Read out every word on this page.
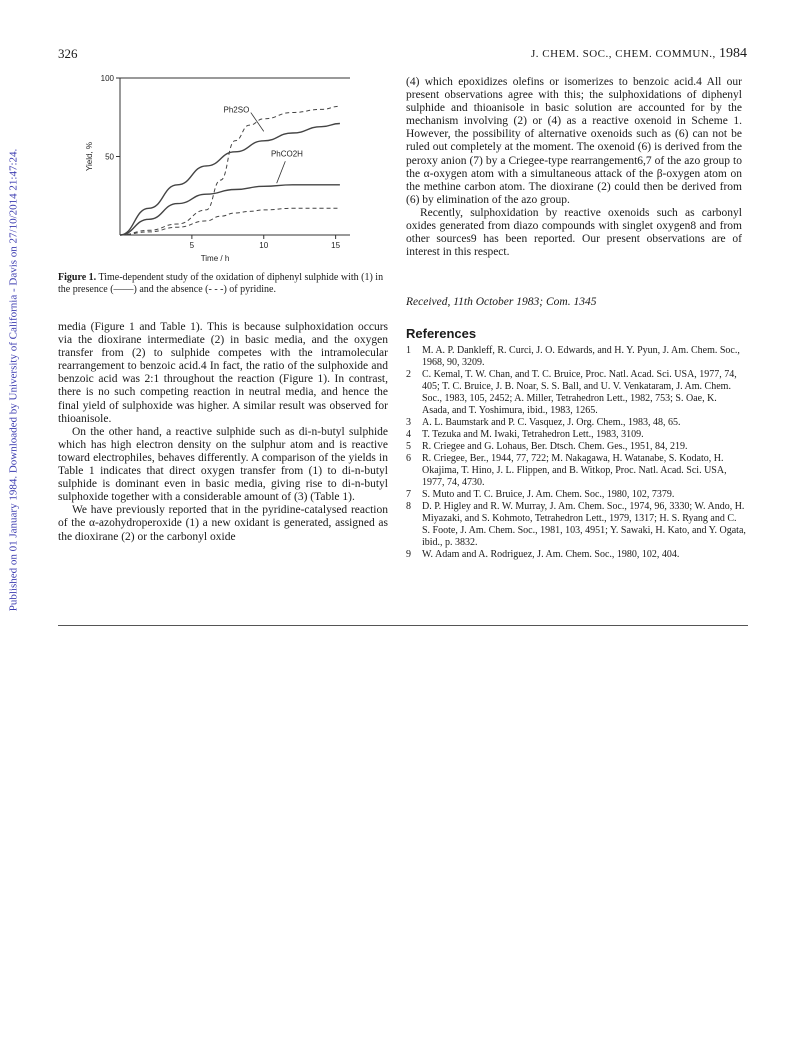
Published on 01 January 1984. Downloaded by University of California - Davis on 27/10/2014 21:47:24.
326	J. CHEM. SOC., CHEM. COMMUN., 1984
50
100
5	10	15
Time / h
Yield, %
Ph2SO
PhCO2H
Figure 1. Time-dependent study of the oxidation of diphenyl sulphide with (1) in the presence (——) and the absence (- - -) of pyridine.

media (Figure 1 and Table 1). This is because sulphoxidation occurs via the dioxirane intermediate (2) in basic media, and the oxygen transfer from (2) to sulphide competes with the intramolecular rearrangement to benzoic acid.4 In fact, the ratio of the sulphoxide and benzoic acid was 2:1 throughout the reaction (Figure 1). In contrast, there is no such competing reaction in neutral media, and hence the final yield of sulphoxide was higher. A similar result was observed for thioanisole.

On the other hand, a reactive sulphide such as di-n-butyl sulphide which has high electron density on the sulphur atom and is reactive toward electrophiles, behaves differently. A comparison of the yields in Table 1 indicates that direct oxygen transfer from (1) to di-n-butyl sulphide is dominant even in basic media, giving rise to di-n-butyl sulphoxide together with a considerable amount of (3) (Table 1).

We have previously reported that in the pyridine-catalysed reaction of the α-azohydroperoxide (1) a new oxidant is generated, assigned as the dioxirane (2) or the carbonyl oxide

(4) which epoxidizes olefins or isomerizes to benzoic acid.4 All our present observations agree with this; the sulphoxidations of diphenyl sulphide and thioanisole in basic solution are accounted for by the mechanism involving (2) or (4) as a reactive oxenoid in Scheme 1. However, the possibility of alternative oxenoids such as (6) can not be ruled out completely at the moment. The oxenoid (6) is derived from the peroxy anion (7) by a Criegee-type rearrangement6,7 of the azo group to the α-oxygen atom with a simultaneous attack of the β-oxygen atom on the methine carbon atom. The dioxirane (2) could then be derived from (6) by elimination of the azo group.

Recently, sulphoxidation by reactive oxenoids such as carbonyl oxides generated from diazo compounds with singlet oxygen8 and from other sources9 has been reported. Our present observations are of interest in this respect.

Received, 11th October 1983; Com. 1345
References
1 M. A. P. Dankleff, R. Curci, J. O. Edwards, and H. Y. Pyun, J. Am. Chem. Soc., 1968, 90, 3209.
2 C. Kemal, T. W. Chan, and T. C. Bruice, Proc. Natl. Acad. Sci. USA, 1977, 74, 405; T. C. Bruice, J. B. Noar, S. S. Ball, and U. V. Venkataram, J. Am. Chem. Soc., 1983, 105, 2452; A. Miller, Tetrahedron Lett., 1982, 753; S. Oae, K. Asada, and T. Yoshimura, ibid., 1983, 1265.
3 A. L. Baumstark and P. C. Vasquez, J. Org. Chem., 1983, 48, 65.
4 T. Tezuka and M. Iwaki, Tetrahedron Lett., 1983, 3109.
5 R. Criegee and G. Lohaus, Ber. Dtsch. Chem. Ges., 1951, 84, 219.
6 R. Criegee, Ber., 1944, 77, 722; M. Nakagawa, H. Watanabe, S. Kodato, H. Okajima, T. Hino, J. L. Flippen, and B. Witkop, Proc. Natl. Acad. Sci. USA, 1977, 74, 4730.
7 S. Muto and T. C. Bruice, J. Am. Chem. Soc., 1980, 102, 7379.
8 D. P. Higley and R. W. Murray, J. Am. Chem. Soc., 1974, 96, 3330; W. Ando, H. Miyazaki, and S. Kohmoto, Tetrahedron Lett., 1979, 1317; H. S. Ryang and C. S. Foote, J. Am. Chem. Soc., 1981, 103, 4951; Y. Sawaki, H. Kato, and Y. Ogata, ibid., p. 3832.
9 W. Adam and A. Rodriguez, J. Am. Chem. Soc., 1980, 102, 404.
